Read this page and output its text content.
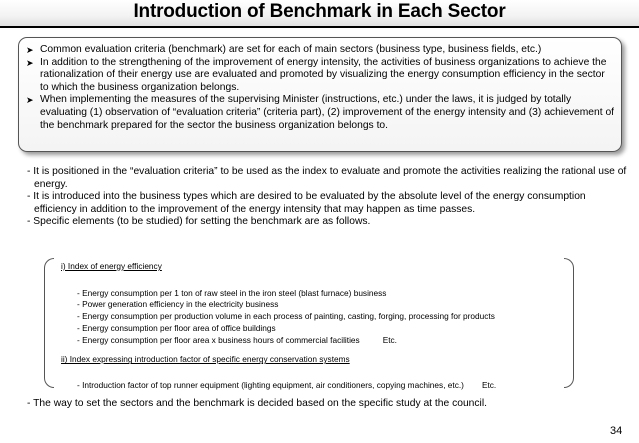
Introduction of Benchmark in Each Sector
➤ Common evaluation criteria (benchmark) are set for each of main sectors (business type, business fields, etc.)
➤ In addition to the strengthening of the improvement of energy intensity, the activities of business organizations to achieve the rationalization of their energy use are evaluated and promoted by visualizing the energy consumption efficiency in the sector to which the business organization belongs.
➤ When implementing the measures of the supervising Minister (instructions, etc.) under the laws, it is judged by totally evaluating (1) observation of “evaluation criteria” (criteria part), (2) improvement of the energy intensity and (3) achievement of the benchmark prepared for the sector the business organization belongs to.

- It is positioned in the “evaluation criteria” to be used as the index to evaluate and promote the activities realizing the rational use of energy.

- It is introduced into the business types which are desired to be evaluated by the absolute level of the energy consumption efficiency in addition to the improvement of the energy intensity that may happen as time passes.

- Specific elements (to be studied) for setting the benchmark are as follows.

i) Index of energy efficiency
- Energy consumption per 1 ton of raw steel in the iron steel (blast furnace) business
- Power generation efficiency in the electricity business
- Energy consumption per production volume in each process of painting, casting, forging, processing for products
- Energy consumption per floor area of office buildings
- Energy consumption per floor area x business hours of commercial facilities	Etc.
ii) Index expressing introduction factor of specific energy conservation systems
- Introduction factor of top runner equipment (lighting equipment, air conditioners, copying machines, etc.) Etc.
- The way to set the sectors and the benchmark is decided based on the specific study at the council.
34
